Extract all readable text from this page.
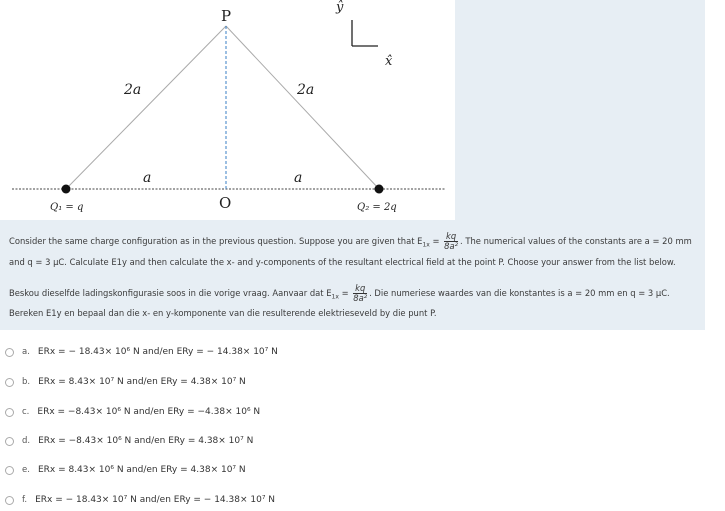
P	ŷ
x̂
2a	2a
a	a
O
Q₁ = q	Q₂ = 2q
Consider the same charge configuration as in the previous question. Suppose you are given that $E_{1x} = \frac{kq}{\text{8a²}}$ . The numerical values of the constants are a = 20 mm
and q = 3 μC. Calculate E1y and then calculate the x- and y-components of the resultant electrical field at the point P. Choose your answer from the list below.
Beskou dieselfde ladingskonfigurasie soos in die vorige vraag. Aanvaar dat $E_{1x} = \frac{kq}{\text{8a²}}$ . Die numeriese waardes van die konstantes is a = 20 mm en q = 3 μC.
Bereken E1y en bepaal dan die x- en y-komponente van die resulterende elektrieseveld by die punt P.
a. ERx = − 18.43× 10⁶ N and/en ERy = − 14.38× 10⁷ N
b. ERx = 8.43× 10⁷ N and/en ERy = 4.38× 10⁷ N
c. ERx = −8.43× 10⁶ N and/en ERy = −4.38× 10⁶ N
d. ERx = −8.43× 10⁶ N and/en ERy = 4.38× 10⁷ N
e. ERx = 8.43× 10⁶ N and/en ERy = 4.38× 10⁷ N
f. ERx = − 18.43× 10⁷ N and/en ERy = − 14.38× 10⁷ N
